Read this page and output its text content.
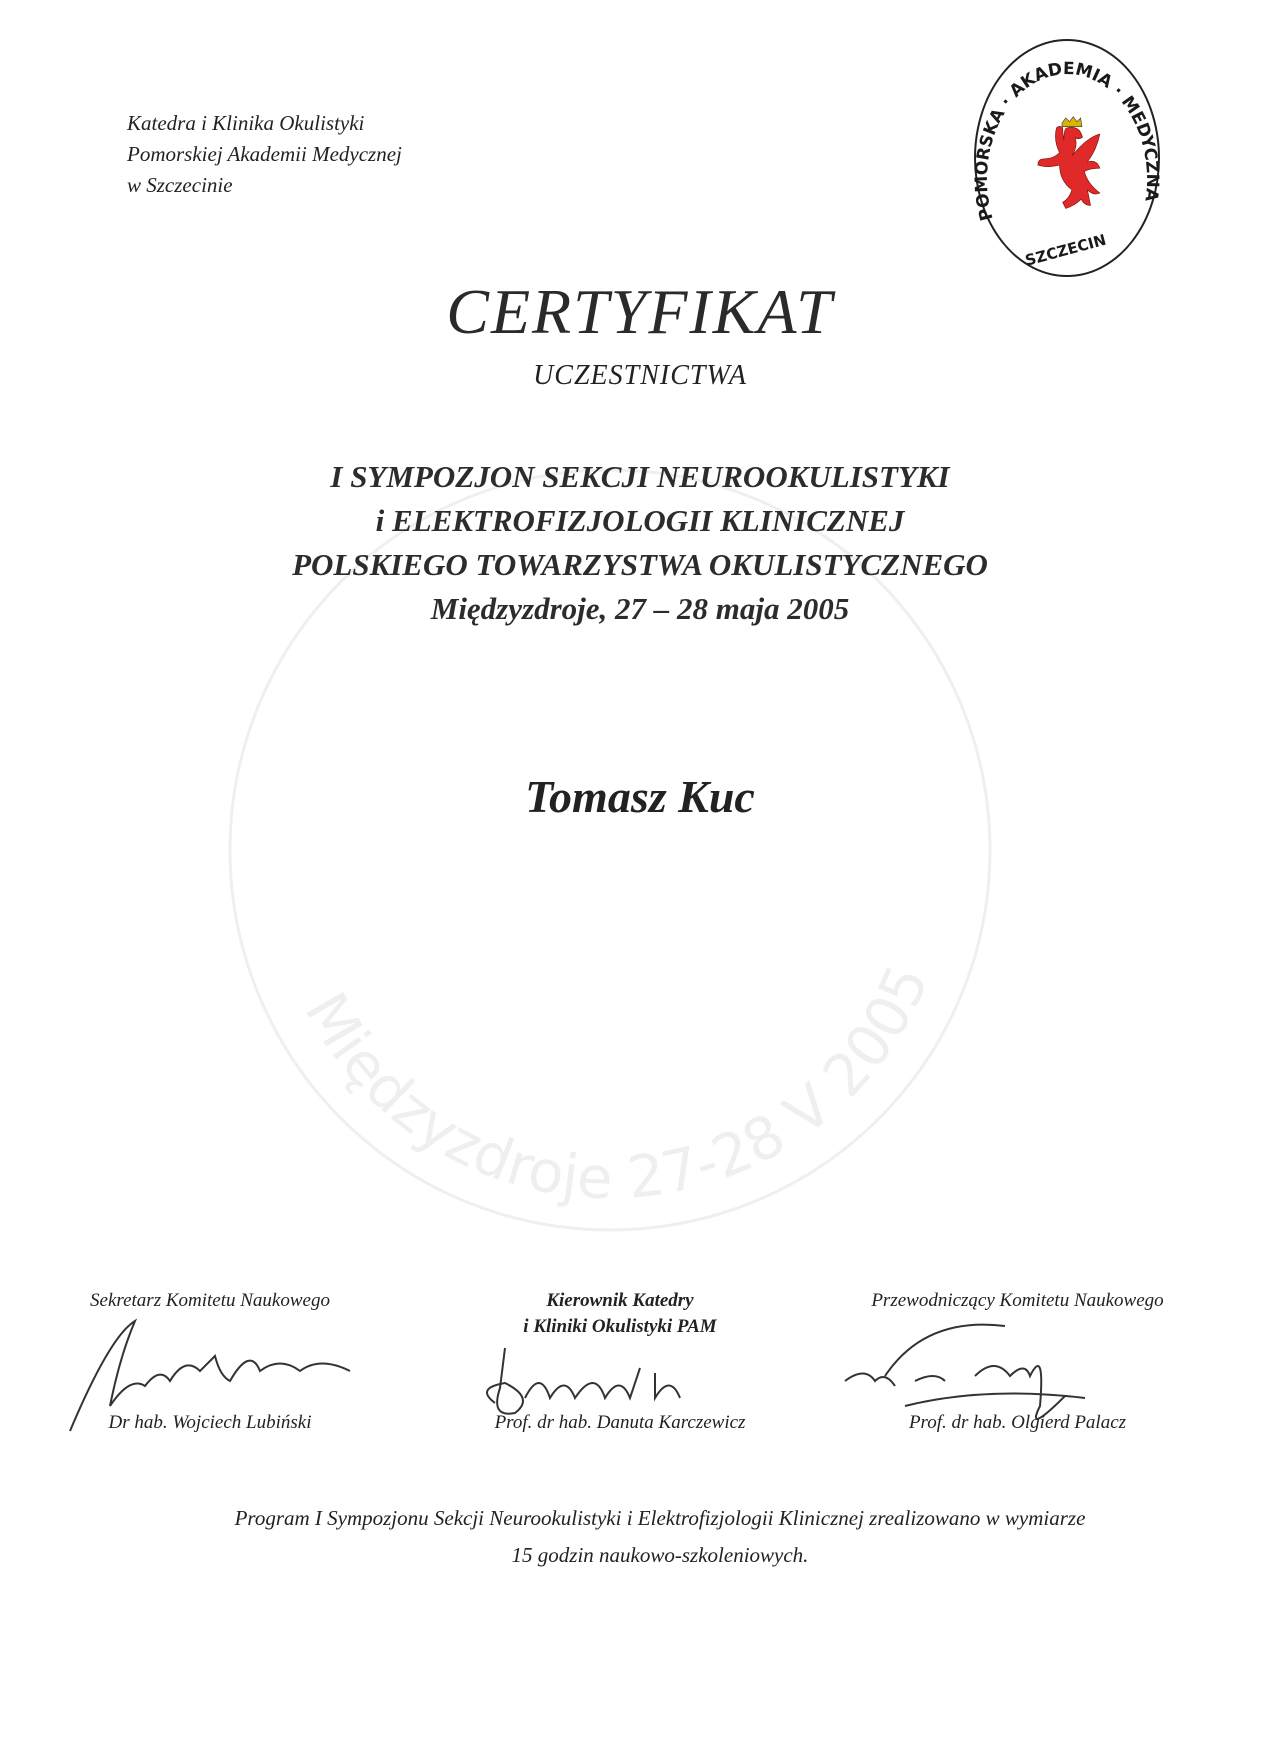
Katedra i Klinika Okulistyki
Pomorskiej Akademii Medycznej
w Szczecinie
POMORSKA · AKADEMIA · MEDYCZNA
SZCZECIN
Międzyzdroje 27-28 V 2005
CERTYFIKAT
UCZESTNICTWA
I SYMPOZJON SEKCJI NEUROOKULISTYKI
i ELEKTROFIZJOLOGII KLINICZNEJ
POLSKIEGO TOWARZYSTWA OKULISTYCZNEGO
Międzyzdroje, 27 – 28 maja 2005
Tomasz Kuc
Sekretarz Komitetu Naukowego
Dr hab. Wojciech Lubiński
Kierownik Katedry
i Kliniki Okulistyki PAM
Prof. dr hab. Danuta Karczewicz
Przewodniczący Komitetu Naukowego
Prof. dr hab. Olgierd Palacz
Program I Sympozjonu Sekcji Neurookulistyki i Elektrofizjologii Klinicznej zrealizowano w wymiarze
15 godzin naukowo-szkoleniowych.
